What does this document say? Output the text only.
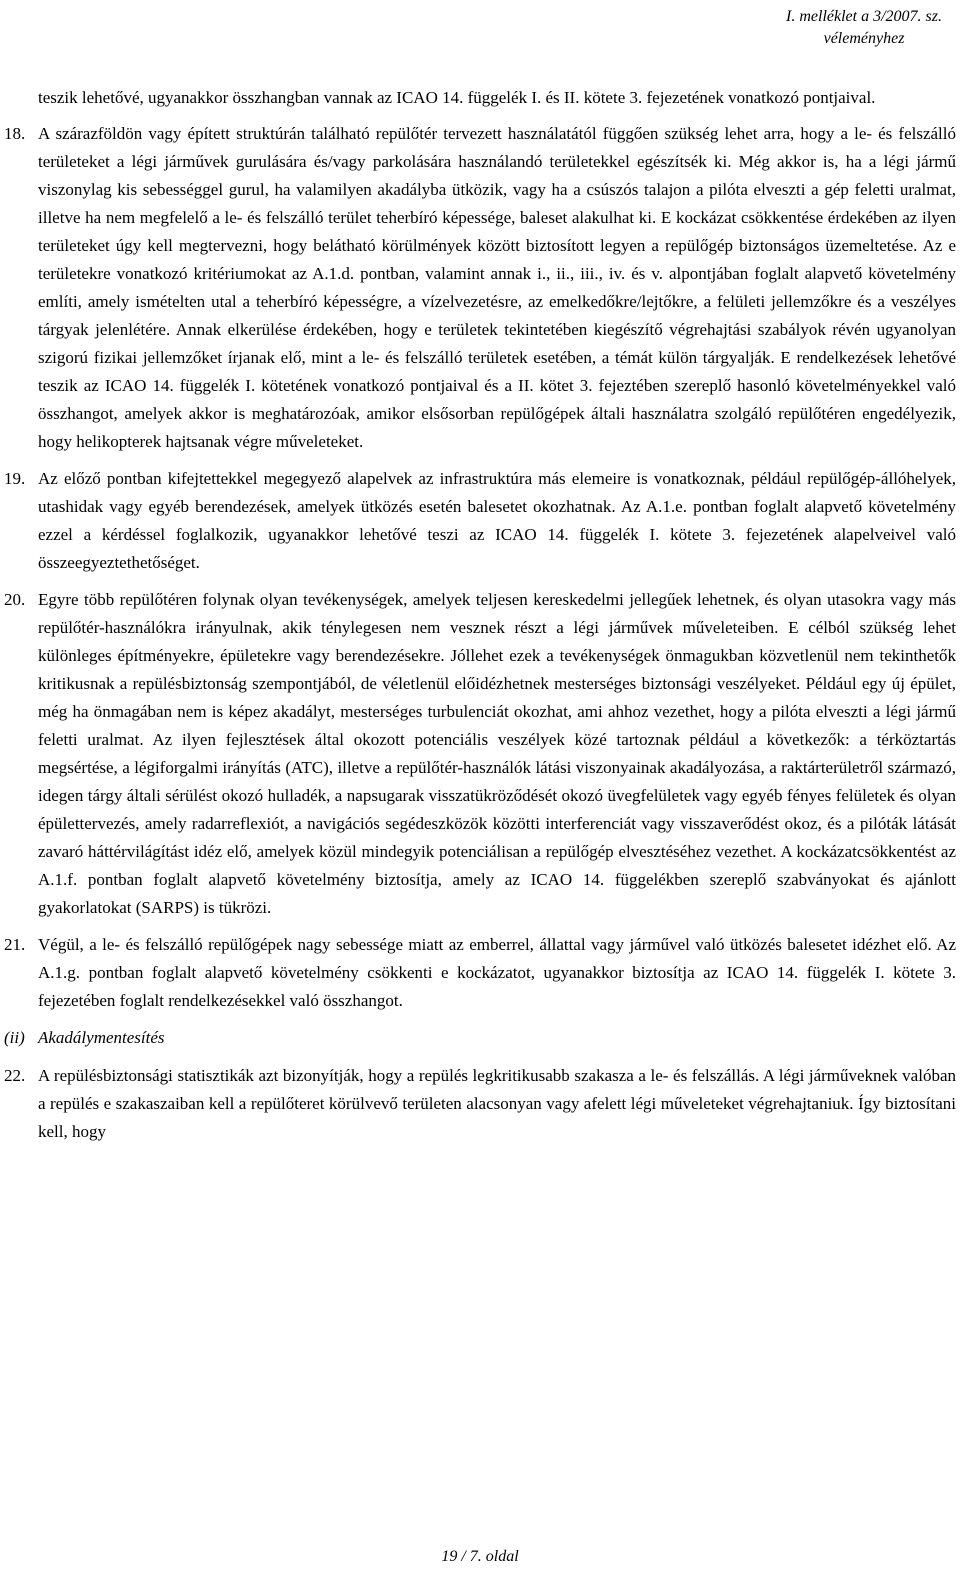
I. melléklet a 3/2007. sz.
véleményhez

teszik lehetővé, ugyanakkor összhangban vannak az ICAO 14. függelék I. és II. kötete 3. fejezetének vonatkozó pontjaival.

18. A szárazföldön vagy épített struktúrán található repülőtér tervezett használatától függően szükség lehet arra, hogy a le- és felszálló területeket a légi járművek gurulására és/vagy parkolására használandó területekkel egészítsék ki. Még akkor is, ha a légi jármű viszonylag kis sebességgel gurul, ha valamilyen akadályba ütközik, vagy ha a csúszós talajon a pilóta elveszti a gép feletti uralmat, illetve ha nem megfelelő a le- és felszálló terület teherbíró képessége, baleset alakulhat ki. E kockázat csökkentése érdekében az ilyen területeket úgy kell megtervezni, hogy belátható körülmények között biztosított legyen a repülőgép biztonságos üzemeltetése. Az e területekre vonatkozó kritériumokat az A.1.d. pontban, valamint annak i., ii., iii., iv. és v. alpontjában foglalt alapvető követelmény említi, amely ismételten utal a teherbíró képességre, a vízelvezetésre, az emelkedőkre/lejtőkre, a felületi jellemzőkre és a veszélyes tárgyak jelenlétére. Annak elkerülése érdekében, hogy e területek tekintetében kiegészítő végrehajtási szabályok révén ugyanolyan szigorú fizikai jellemzőket írjanak elő, mint a le- és felszálló területek esetében, a témát külön tárgyalják. E rendelkezések lehetővé teszik az ICAO 14. függelék I. kötetének vonatkozó pontjaival és a II. kötet 3. fejeztében szereplő hasonló követelményekkel való összhangot, amelyek akkor is meghatározóak, amikor elsősorban repülőgépek általi használatra szolgáló repülőtéren engedélyezik, hogy helikopterek hajtsanak végre műveleteket.

19. Az előző pontban kifejtettekkel megegyező alapelvek az infrastruktúra más elemeire is vonatkoznak, például repülőgép-állóhelyek, utashidak vagy egyéb berendezések, amelyek ütközés esetén balesetet okozhatnak. Az A.1.e. pontban foglalt alapvető követelmény ezzel a kérdéssel foglalkozik, ugyanakkor lehetővé teszi az ICAO 14. függelék I. kötete 3. fejezetének alapelveivel való összeegyeztethetőséget.

20. Egyre több repülőtéren folynak olyan tevékenységek, amelyek teljesen kereskedelmi jellegűek lehetnek, és olyan utasokra vagy más repülőtér-használókra irányulnak, akik ténylegesen nem vesznek részt a légi járművek műveleteiben. E célból szükség lehet különleges építményekre, épületekre vagy berendezésekre. Jóllehet ezek a tevékenységek önmagukban közvetlenül nem tekinthetők kritikusnak a repülésbiztonság szempontjából, de véletlenül előidézhetnek mesterséges biztonsági veszélyeket. Például egy új épület, még ha önmagában nem is képez akadályt, mesterséges turbulenciát okozhat, ami ahhoz vezethet, hogy a pilóta elveszti a légi jármű feletti uralmat. Az ilyen fejlesztések által okozott potenciális veszélyek közé tartoznak például a következők: a térköztartás megsértése, a légiforgalmi irányítás (ATC), illetve a repülőtér-használók látási viszonyainak akadályozása, a raktárterületről származó, idegen tárgy általi sérülést okozó hulladék, a napsugarak visszatükröződését okozó üvegfelületek vagy egyéb fényes felületek és olyan épülettervezés, amely radarreflexiót, a navigációs segédeszközök közötti interferenciát vagy visszaverődést okoz, és a pilóták látását zavaró háttérvilágítást idéz elő, amelyek közül mindegyik potenciálisan a repülőgép elvesztéséhez vezethet. A kockázatcsökkentést az A.1.f. pontban foglalt alapvető követelmény biztosítja, amely az ICAO 14. függelékben szereplő szabványokat és ajánlott gyakorlatokat (SARPS) is tükrözi.

21. Végül, a le- és felszálló repülőgépek nagy sebessége miatt az emberrel, állattal vagy járművel való ütközés balesetet idézhet elő. Az A.1.g. pontban foglalt alapvető követelmény csökkenti e kockázatot, ugyanakkor biztosítja az ICAO 14. függelék I. kötete 3. fejezetében foglalt rendelkezésekkel való összhangot.

(ii) Akadálymentesítés
22. A repülésbiztonsági statisztikák azt bizonyítják, hogy a repülés legkritikusabb szakasza a le- és felszállás. A légi járműveknek valóban a repülés e szakaszaiban kell a repülőteret körülvevő területen alacsonyan vagy afelett légi műveleteket végrehajtaniuk. Így biztosítani kell, hogy

19 / 7. oldal
